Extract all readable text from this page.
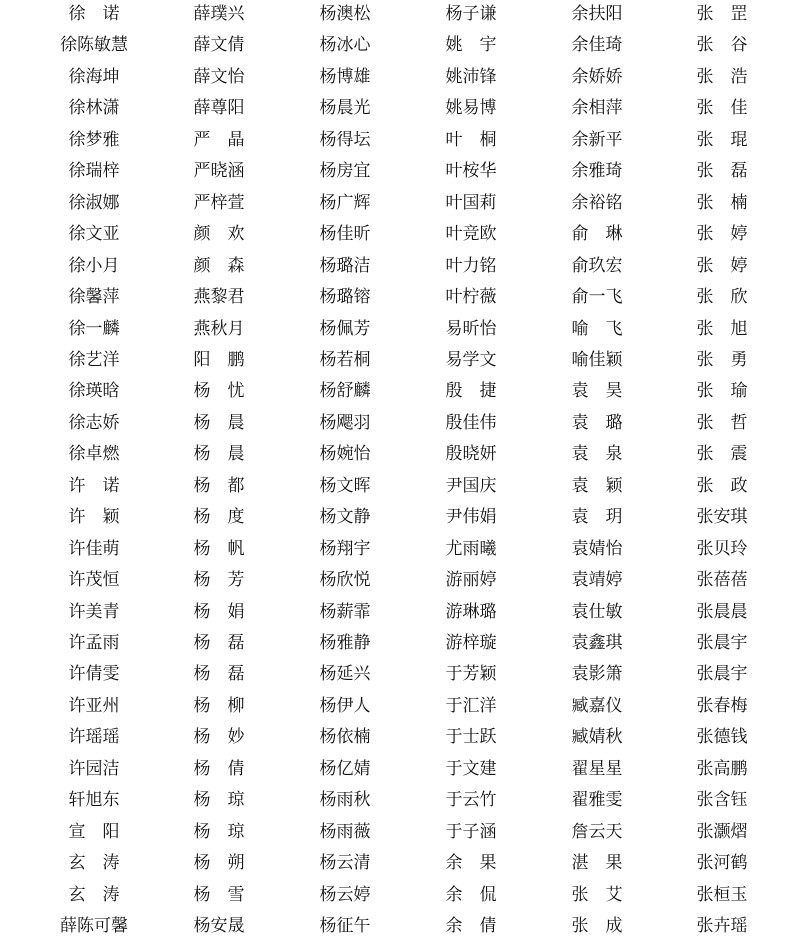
徐　诺	薛璞兴	杨澳松	杨子谦	余扶阳	张　罡
徐陈敏慧	薛文倩	杨冰心	姚　宇	余佳琦	张　谷
徐海坤	薛文怡	杨博雄	姚沛锋	余娇娇	张　浩
徐林潇	薛尊阳	杨晨光	姚易博	余相萍	张　佳
徐梦雅	严　晶	杨得坛	叶　桐	余新平	张　琨
徐瑞梓	严晓涵	杨房宜	叶桉华	余雅琦	张　磊
徐淑娜	严梓萱	杨广辉	叶国莉	余裕铭	张　楠
徐文亚	颜　欢	杨佳昕	叶竞欧	俞　琳	张　婷
徐小月	颜　森	杨璐洁	叶力铭	俞玖宏	张　婷
徐馨萍	燕黎君	杨璐镕	叶柠薇	俞一飞	张　欣
徐一麟	燕秋月	杨佩芳	易昕怡	喻　飞	张　旭
徐艺洋	阳　鹏	杨若桐	易学文	喻佳颖	张　勇
徐瑛晗	杨　忧	杨舒麟	殷　捷	袁　昊	张　瑜
徐志娇	杨　晨	杨飔羽	殷佳伟	袁　璐	张　哲
徐卓燃	杨　晨	杨婉怡	殷晓妍	袁　泉	张　震
许　诺	杨　都	杨文晖	尹国庆	袁　颖	张　政
许　颖	杨　度	杨文静	尹伟娟	袁　玥	张安琪
许佳萌	杨　帆	杨翔宇	尤雨曦	袁婧怡	张贝玲
许茂恒	杨　芳	杨欣悦	游丽婷	袁靖婷	张蓓蓓
许美青	杨　娟	杨薪霏	游琳璐	袁仕敏	张晨晨
许孟雨	杨　磊	杨雅静	游梓璇	袁鑫琪	张晨宇
许倩雯	杨　磊	杨延兴	于芳颖	袁影箫	张晨宇
许亚州	杨　柳	杨伊人	于汇洋	臧嘉仪	张春梅
许瑶瑶	杨　妙	杨依楠	于士跃	臧婧秋	张德钱
许园洁	杨　倩	杨亿婧	于文建	翟星星	张高鹏
轩旭东	杨　琼	杨雨秋	于云竹	翟雅雯	张含钰
宣　阳	杨　琼	杨雨薇	于子涵	詹云天	张灏熠
玄　涛	杨　朔	杨云清	余　果	湛　果	张河鹤
玄　涛	杨　雪	杨云婷	余　侃	张　艾	张桓玉
薛陈可馨	杨安晟	杨征午	余　倩	张　成	张卉瑶
